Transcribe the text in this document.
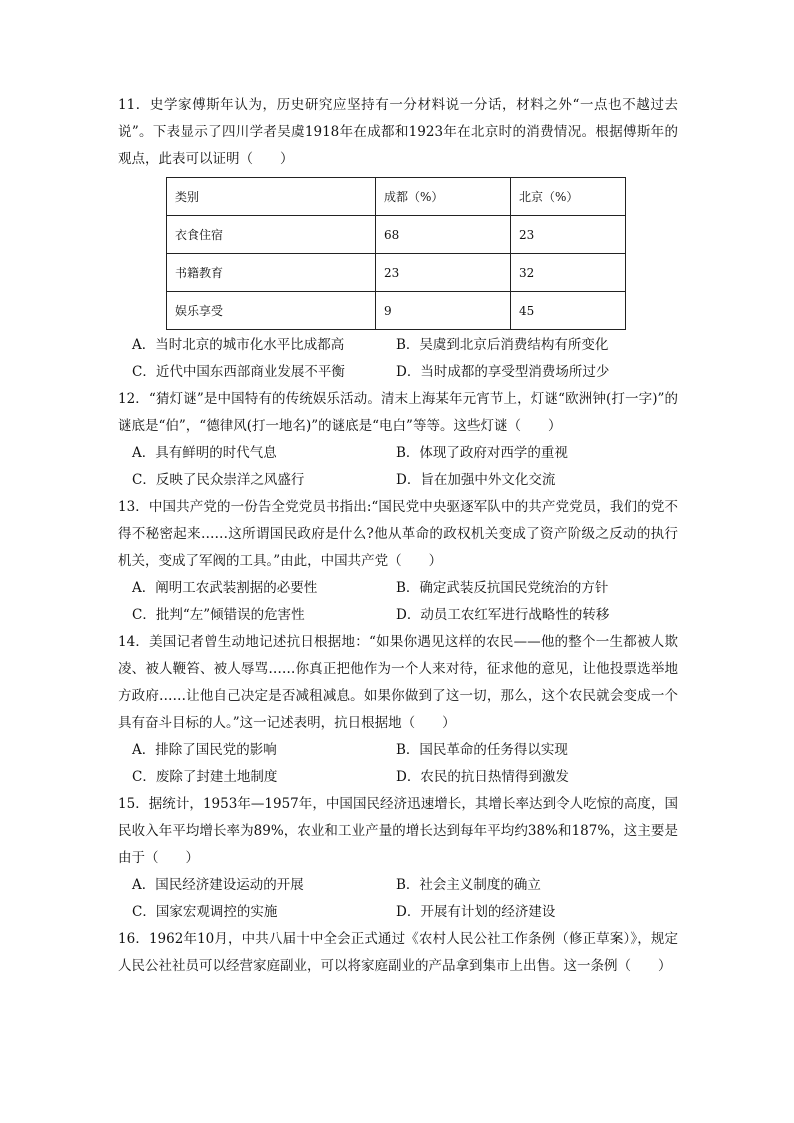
11．史学家傅斯年认为，历史研究应坚持有一分材料说一分话，材料之外“一点也不越过去说”。下表显示了四川学者吴虞1918年在成都和1923年在北京时的消费情况。根据傅斯年的观点，此表可以证明（　　）

类别	成都（%）	北京（%）
衣食住宿	68	23
书籍教育	23	32
娱乐享受	9	45
A．当时北京的城市化水平比成都高	B．吴虞到北京后消费结构有所变化
C．近代中国东西部商业发展不平衡	D．当时成都的享受型消费场所过少

12．“猜灯谜”是中国特有的传统娱乐活动。清末上海某年元宵节上，灯谜“欧洲钟(打一字)”的谜底是“伯”，“德律风(打一地名)”的谜底是“电白”等等。这些灯谜（　　）

A．具有鲜明的时代气息	B．体现了政府对西学的重视
C．反映了民众崇洋之风盛行	D．旨在加强中外文化交流

13．中国共产党的一份告全党党员书指出:“国民党中央驱逐军队中的共产党党员，我们的党不得不秘密起来……这所谓国民政府是什么?他从革命的政权机关变成了资产阶级之反动的执行机关，变成了军阀的工具。”由此，中国共产党（　　）

A．阐明工农武装割据的必要性	B．确定武装反抗国民党统治的方针
C．批判“左”倾错误的危害性	D．动员工农红军进行战略性的转移

14．美国记者曾生动地记述抗日根据地：“如果你遇见这样的农民——他的整个一生都被人欺凌、被人鞭笞、被人辱骂……你真正把他作为一个人来对待，征求他的意见，让他投票选举地方政府……让他自己决定是否减租减息。如果你做到了这一切，那么，这个农民就会变成一个具有奋斗目标的人。”这一记述表明，抗日根据地（　　）

A．排除了国民党的影响	B．国民革命的任务得以实现
C．废除了封建土地制度	D．农民的抗日热情得到激发

15．据统计，1953年—1957年，中国国民经济迅速增长，其增长率达到令人吃惊的高度，国民收入年平均增长率为89%，农业和工业产量的增长达到每年平均约38%和187%，这主要是由于（　　）

A．国民经济建设运动的开展	B．社会主义制度的确立
C．国家宏观调控的实施	D．开展有计划的经济建设

16．1962年10月，中共八届十中全会正式通过《农村人民公社工作条例（修正草案）》，规定人民公社社员可以经营家庭副业，可以将家庭副业的产品拿到集市上出售。这一条例（　　）
